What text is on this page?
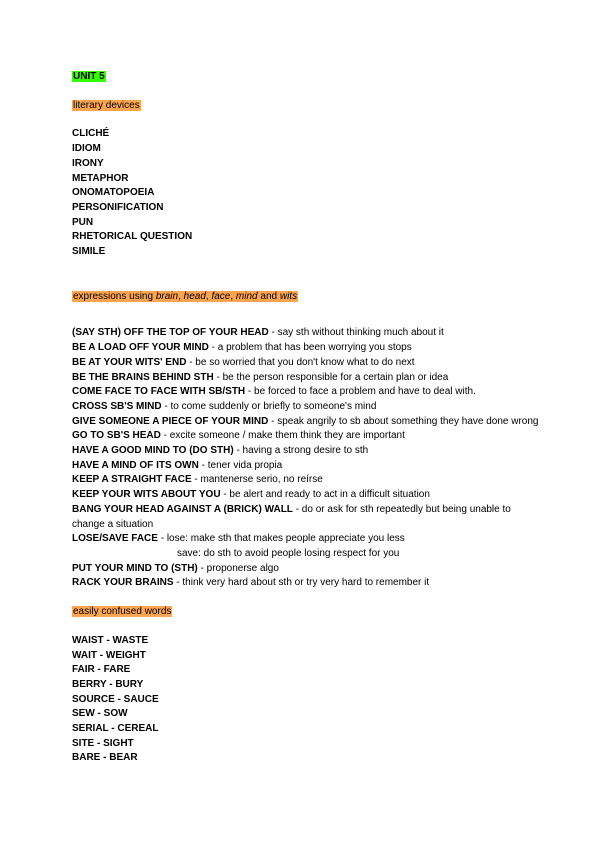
UNIT 5
literary devices
CLICHÉ
IDIOM
IRONY
METAPHOR
ONOMATOPOEIA
PERSONIFICATION
PUN
RHETORICAL QUESTION
SIMILE
expressions using brain, head, face, mind and wits
(SAY STH) OFF THE TOP OF YOUR HEAD - say sth without thinking much about it
BE A LOAD OFF YOUR MIND - a problem that has been worrying you stops
BE AT YOUR WITS' END - be so worried that you don't know what to do next
BE THE BRAINS BEHIND STH - be the person responsible for a certain plan or idea
COME FACE TO FACE WITH SB/STH - be forced to face a problem and have to deal with.
CROSS SB'S MIND - to come suddenly or briefly to someone's mind
GIVE SOMEONE A PIECE OF YOUR MIND - speak angrily to sb about something they have done wrong
GO TO SB'S HEAD - excite someone / make them think they are important
HAVE A GOOD MIND TO (DO STH) - having a strong desire to sth
HAVE A MIND OF ITS OWN - tener vida propia
KEEP A STRAIGHT FACE - mantenerse serio, no reírse
KEEP YOUR WITS ABOUT YOU - be alert and ready to act in a difficult situation
BANG YOUR HEAD AGAINST A (BRICK) WALL - do or ask for sth repeatedly but being unable to change a situation
LOSE/SAVE FACE - lose: make sth that makes people appreciate you less
save: do sth to avoid people losing respect for you
PUT YOUR MIND TO (STH) - proponerse algo
RACK YOUR BRAINS - think very hard about sth or try very hard to remember it
easily confused words
WAIST - WASTE
WAIT - WEIGHT
FAIR - FARE
BERRY - BURY
SOURCE - SAUCE
SEW - SOW
SERIAL - CEREAL
SITE - SIGHT
BARE - BEAR
